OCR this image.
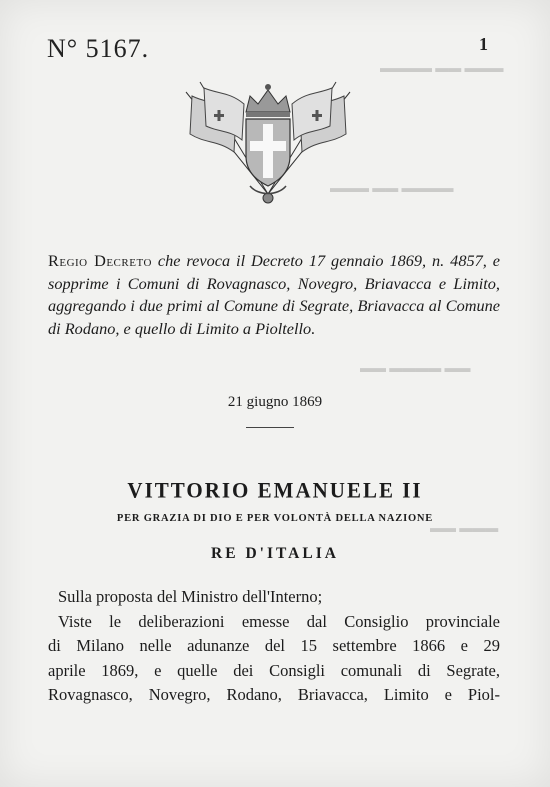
▬▬▬ ▬▬ ▬▬▬▬
▬▬▬▬ ▬▬ ▬▬▬
▬▬ ▬▬▬▬ ▬▬
▬▬▬ ▬▬
N° 5167.	1
Regio Decreto che revoca il Decreto 17 gennaio 1869, n. 4857, e sopprime i Comuni di Rovagnasco, Novegro, Briavacca e Limito, aggregando i due primi al Comune di Segrate, Briavacca al Comune di Rodano, e quello di Limito a Pioltello.
21 giugno 1869
VITTORIO EMANUELE II
PER GRAZIA DI DIO E PER VOLONTÀ DELLA NAZIONE
RE D'ITALIA

Sulla proposta del Ministro dell'Interno;

Viste le deliberazioni emesse dal Consiglio provinciale

di Milano nelle adunanze del 15 settembre 1866 e 29

aprile 1869, e quelle dei Consigli comunali di Segrate,

Rovagnasco, Novegro, Rodano, Briavacca, Limito e Piol-
